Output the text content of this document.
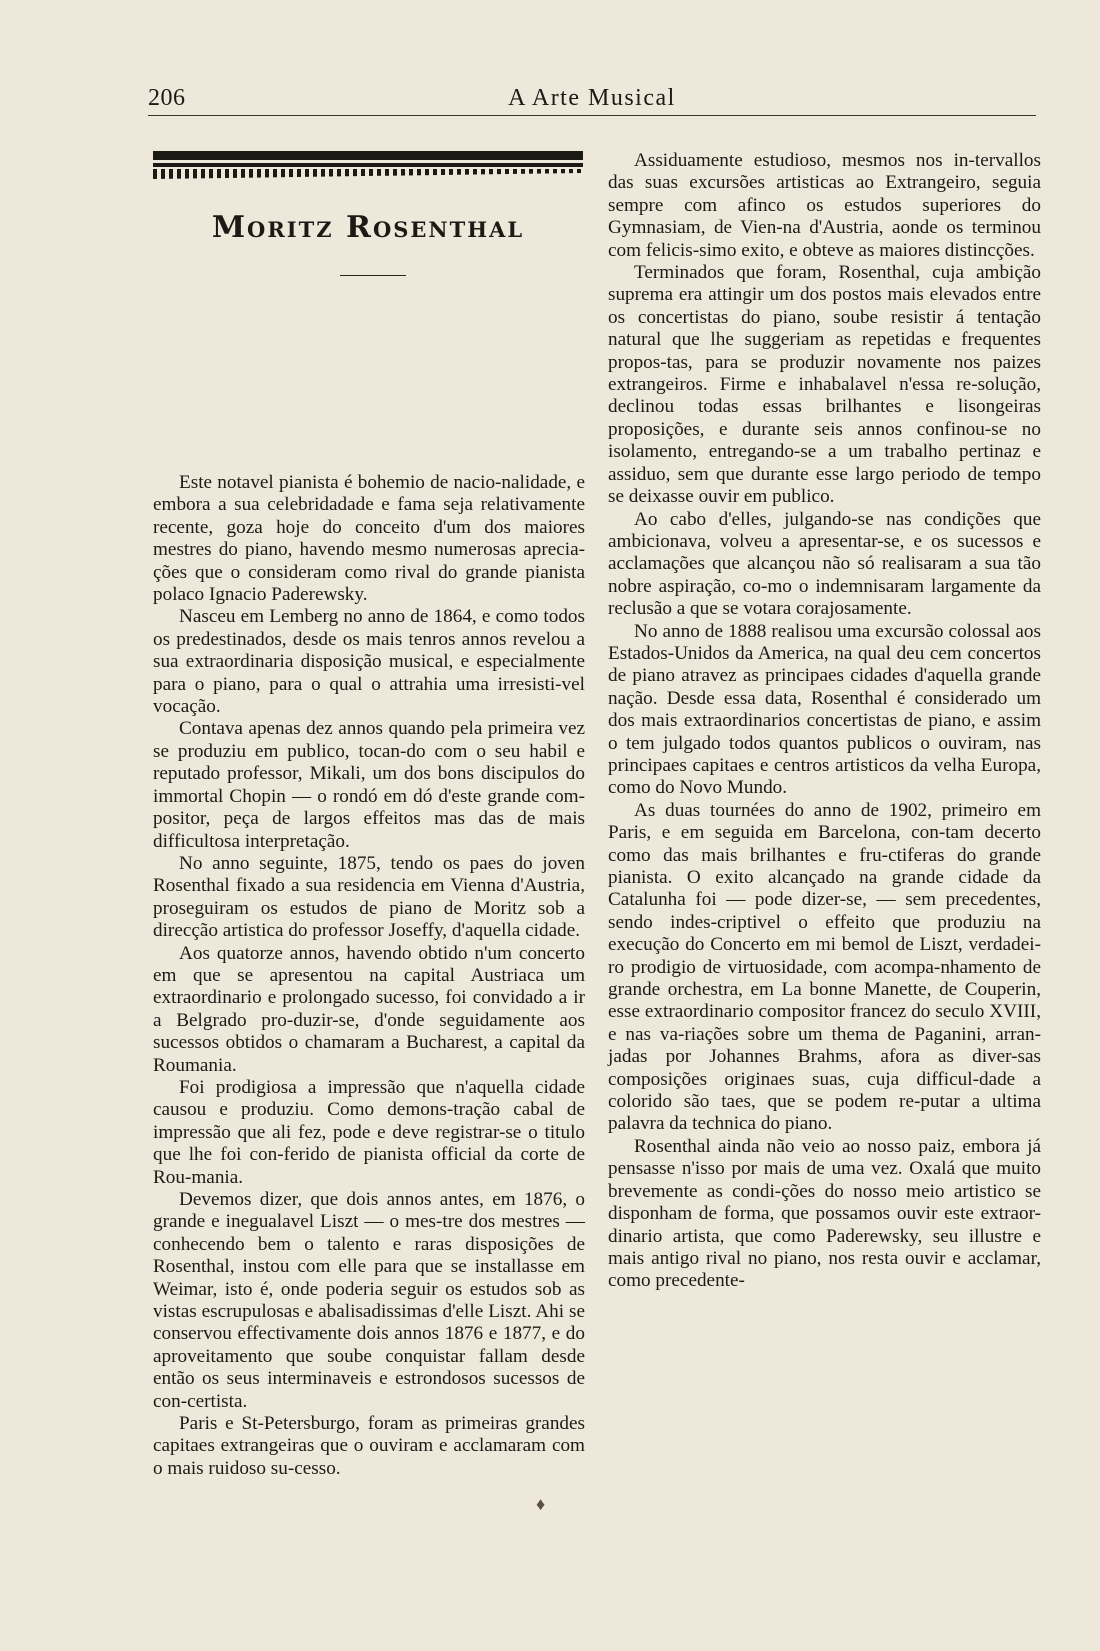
206	A Arte Musical
Moritz Rosenthal

Este notavel pianista é bohemio de nacio-nalidade, e embora a sua celebridadade e fama seja relativamente recente, goza hoje do conceito d'um dos maiores mestres do piano, havendo mesmo numerosas aprecia-ções que o consideram como rival do grande pianista polaco Ignacio Paderewsky.

Nasceu em Lemberg no anno de 1864, e como todos os predestinados, desde os mais tenros annos revelou a sua extraordinaria disposição musical, e especialmente para o piano, para o qual o attrahia uma irresisti-vel vocação.

Contava apenas dez annos quando pela primeira vez se produziu em publico, tocan-do com o seu habil e reputado professor, Mikali, um dos bons discipulos do immortal Chopin — o rondó em dó d'este grande com-positor, peça de largos effeitos mas das de mais difficultosa interpretação.

No anno seguinte, 1875, tendo os paes do joven Rosenthal fixado a sua residencia em Vienna d'Austria, proseguiram os estudos de piano de Moritz sob a direcção artistica do professor Joseffy, d'aquella cidade.

Aos quatorze annos, havendo obtido n'um concerto em que se apresentou na capital Austriaca um extraordinario e prolongado sucesso, foi convidado a ir a Belgrado pro-duzir-se, d'onde seguidamente aos sucessos obtidos o chamaram a Bucharest, a capital da Roumania.

Foi prodigiosa a impressão que n'aquella cidade causou e produziu. Como demons-tração cabal de impressão que ali fez, pode e deve registrar-se o titulo que lhe foi con-ferido de pianista official da corte de Rou-mania.

Devemos dizer, que dois annos antes, em 1876, o grande e inegualavel Liszt — o mes-tre dos mestres — conhecendo bem o talento e raras disposições de Rosenthal, instou com elle para que se installasse em Weimar, isto é, onde poderia seguir os estudos sob as vistas escrupulosas e abalisadissimas d'elle Liszt. Ahi se conservou effectivamente dois annos 1876 e 1877, e do aproveitamento que soube conquistar fallam desde então os seus interminaveis e estrondosos sucessos de con-certista.

Paris e St-Petersburgo, foram as primeiras grandes capitaes extrangeiras que o ouviram e acclamaram com o mais ruidoso su-cesso.

Assiduamente estudioso, mesmos nos in-tervallos das suas excursões artisticas ao Extrangeiro, seguia sempre com afinco os estudos superiores do Gymnasiam, de Vien-na d'Austria, aonde os terminou com felicis-simo exito, e obteve as maiores distincções.

Terminados que foram, Rosenthal, cuja ambição suprema era attingir um dos postos mais elevados entre os concertistas do piano, soube resistir á tentação natural que lhe suggeriam as repetidas e frequentes propos-tas, para se produzir novamente nos paizes extrangeiros. Firme e inhabalavel n'essa re-solução, declinou todas essas brilhantes e lisongeiras proposições, e durante seis annos confinou-se no isolamento, entregando-se a um trabalho pertinaz e assiduo, sem que durante esse largo periodo de tempo se deixasse ouvir em publico.

Ao cabo d'elles, julgando-se nas condições que ambicionava, volveu a apresentar-se, e os sucessos e acclamações que alcançou não só realisaram a sua tão nobre aspiração, co-mo o indemnisaram largamente da reclusão a que se votara corajosamente.

No anno de 1888 realisou uma excursão colossal aos Estados-Unidos da America, na qual deu cem concertos de piano atravez as principaes cidades d'aquella grande nação. Desde essa data, Rosenthal é considerado um dos mais extraordinarios concertistas de piano, e assim o tem julgado todos quantos publicos o ouviram, nas principaes capitaes e centros artisticos da velha Europa, como do Novo Mundo.

As duas tournées do anno de 1902, primeiro em Paris, e em seguida em Barcelona, con-tam decerto como das mais brilhantes e fru-ctiferas do grande pianista. O exito alcançado na grande cidade da Catalunha foi — pode dizer-se, — sem precedentes, sendo indes-criptivel o effeito que produziu na execução do Concerto em mi bemol de Liszt, verdadei-ro prodigio de virtuosidade, com acompa-nhamento de grande orchestra, em La bonne Manette, de Couperin, esse extraordinario compositor francez do seculo XVIII, e nas va-riações sobre um thema de Paganini, arran-jadas por Johannes Brahms, afora as diver-sas composições originaes suas, cuja difficul-dade a colorido são taes, que se podem re-putar a ultima palavra da technica do piano.

Rosenthal ainda não veio ao nosso paiz, embora já pensasse n'isso por mais de uma vez. Oxalá que muito brevemente as condi-ções do nosso meio artistico se disponham de forma, que possamos ouvir este extraor-dinario artista, que como Paderewsky, seu illustre e mais antigo rival no piano, nos resta ouvir e acclamar, como precedente-

♦
